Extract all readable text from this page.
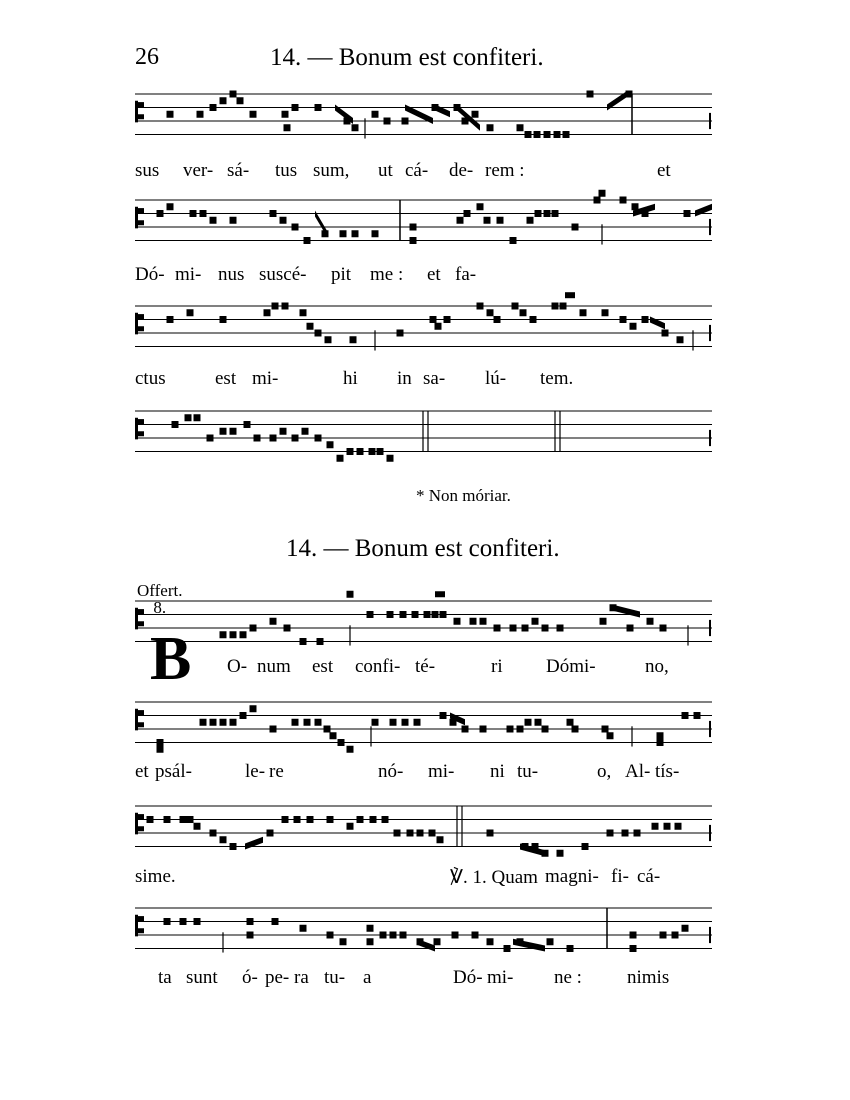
26	14. — Bonum est confiteri.
sus ver- sá- tus sum, ut cá- de- rem :	et
Dó- mi- nus suscé- pit me : et fa-
ctus	est mi-	hi in sa- lú- tem.
O- num est confi- té-	ri Dómi-	no,
et psál-	le- re	nó- mi- ni tu-	o, Al- tís-
sime.	℣. 1. Quam magni- fi- cá-
ta sunt ó- pe- ra tu- a	Dó- mi- ne : nimis
* Non móriar.
14. — Bonum est confiteri.
Offert.
8.
B
